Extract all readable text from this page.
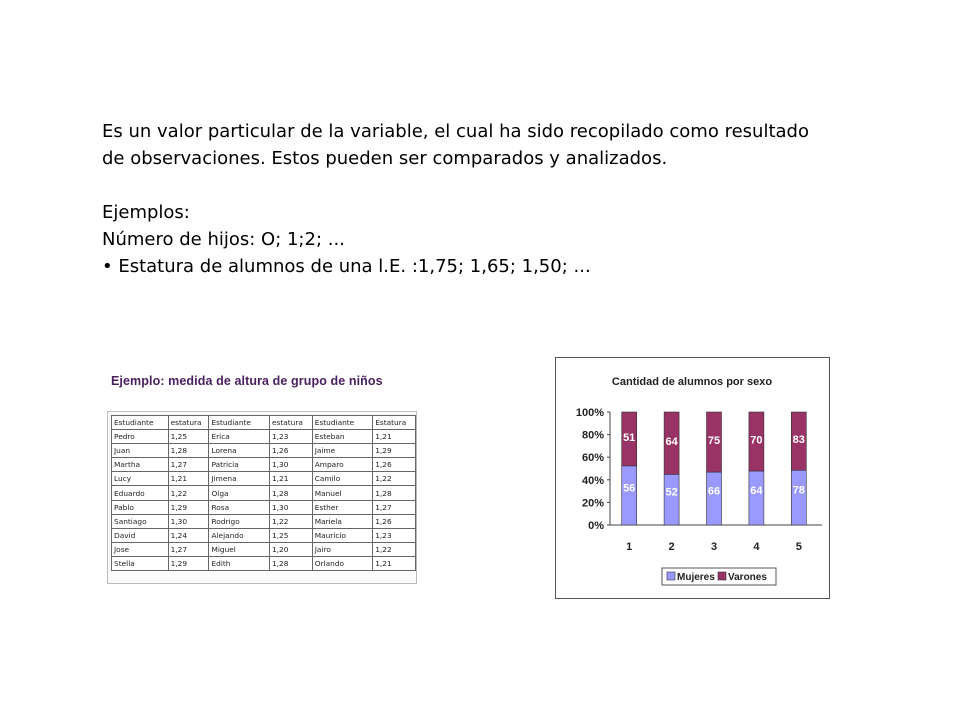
Es un valor particular de la variable, el cual ha sido recopilado como resultado

de observaciones. Estos pueden ser comparados y analizados.

Ejemplos:

Número de hijos: O; 1;2; ...

• Estatura de alumnos de una l.E. :1,75; 1,65; 1,50; ...

Ejemplo: medida de altura de grupo de niños
Estudiante	estatura	Estudiante	estatura	Estudiante	Estatura
Pedro	1,25	Erica	1,23	Esteban	1,21
Juan	1,28	Lorena	1,26	Jaime	1,29
Martha	1,27	Patricia	1,30	Amparo	1,26
Lucy	1,21	Jimena	1,21	Camilo	1,22
Eduardo	1,22	Olga	1,28	Manuel	1,28
Pablo	1,29	Rosa	1,30	Esther	1,27
Santiago	1,30	Rodrigo	1,22	Mariela	1,26
David	1,24	Alejando	1,25	Mauricio	1,23
Jose	1,27	Miguel	1,20	Jairo	1,22
Stella	1,29	Edith	1,28	Orlando	1,21
Cantidad de alumnos por sexo
0%
20%
40%
60%
80%
100%
56
51
1
52
64
2
66
75
3
64
70
4
78
83
5
Mujeres Varones
